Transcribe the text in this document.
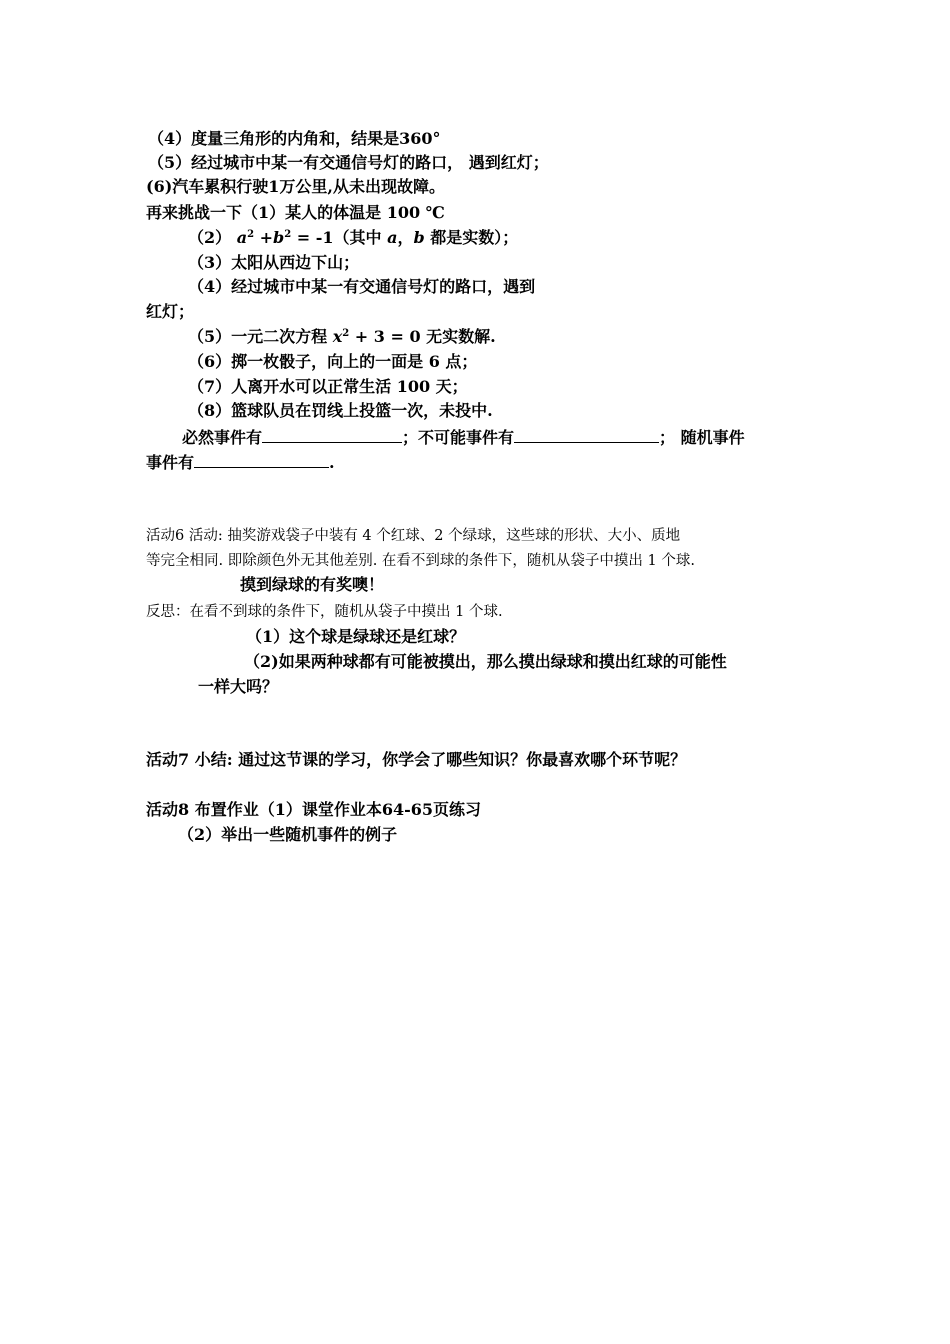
（4）度量三角形的内角和，结果是360°
（5）经过城市中某一有交通信号灯的路口， 遇到红灯；
(6)汽车累积行驶1万公里,从未出现故障。
再来挑战一下（1）某人的体温是 100 ℃
（2） $a^2 +b^2 = -1$（其中 a，b 都是实数）；
（3）太阳从西边下山；
（4）经过城市中某一有交通信号灯的路口，遇到
红灯；
（5）一元二次方程 $x^2 + 3 = 0$ 无实数解.
（6）掷一枚骰子，向上的一面是 6 点；
（7）人离开水可以正常生活 100 天；
（8）篮球队员在罚线上投篮一次，未投中.
必然事件有	；不可能事件有	； 随机事件
事件有	.
活动6 活动: 抽奖游戏袋子中装有 4 个红球、2 个绿球，这些球的形状、大小、质地
等完全相同. 即除颜色外无其他差别. 在看不到球的条件下，随机从袋子中摸出 1 个球.
摸到绿球的有奖噢！
反思：在看不到球的条件下，随机从袋子中摸出 1 个球.
（1）这个球是绿球还是红球？
（2)如果两种球都有可能被摸出，那么摸出绿球和摸出红球的可能性
一样大吗？
活动7 小结: 通过这节课的学习，你学会了哪些知识？你最喜欢哪个环节呢？
活动8 布置作业（1）课堂作业本64-65页练习
（2）举出一些随机事件的例子
